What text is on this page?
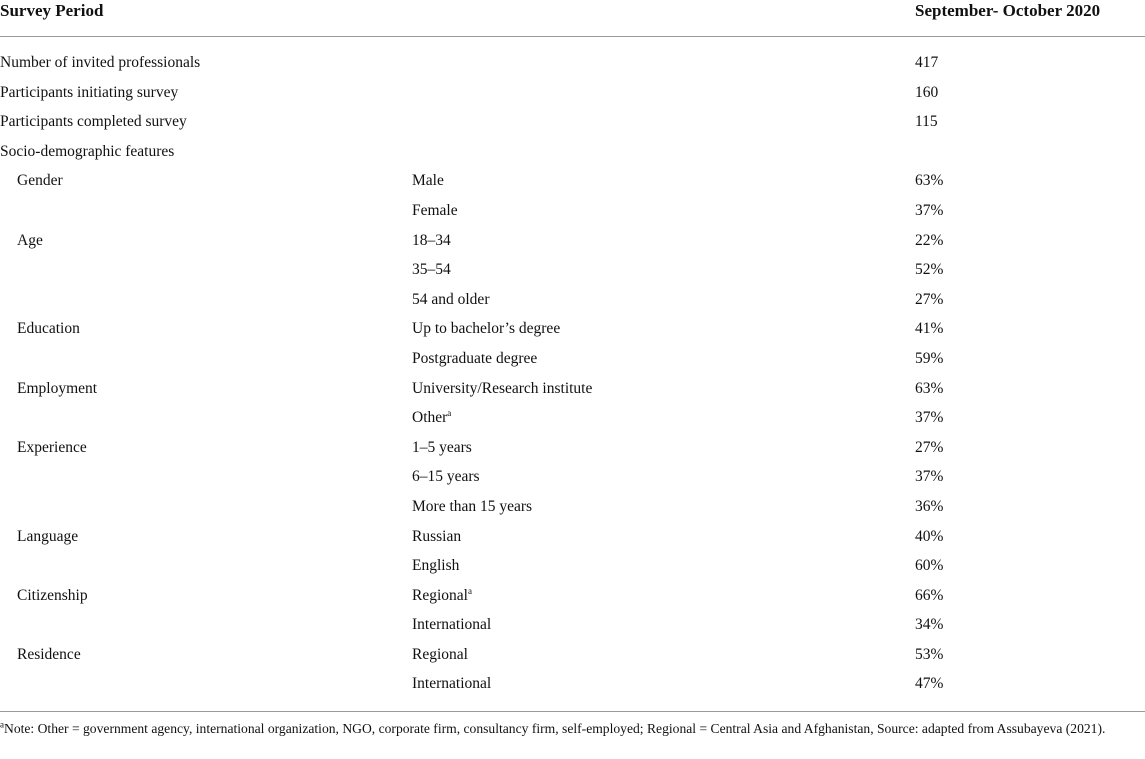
Survey Period	September- October 2020
Number of invited professionals	417
Participants initiating survey	160
Participants completed survey	115
Socio-demographic features
Gender	Male	63%
Female	37%
Age	18–34	22%
35–54	52%
54 and older	27%
Education	Up to bachelor’s degree	41%
Postgraduate degree	59%
Employment	University/Research institute	63%
Other$^a$	37%
Experience	1–5 years	27%
6–15 years	37%
More than 15 years	36%
Language	Russian	40%
English	60%
Citizenship	Regional$^a$	66%
International	34%
Residence	Regional	53%
International	47%
$^a$Note: Other = government agency, international organization, NGO, corporate firm, consultancy firm, self-employed; Regional = Central Asia and Afghanistan, Source: adapted from Assubayeva (2021).
